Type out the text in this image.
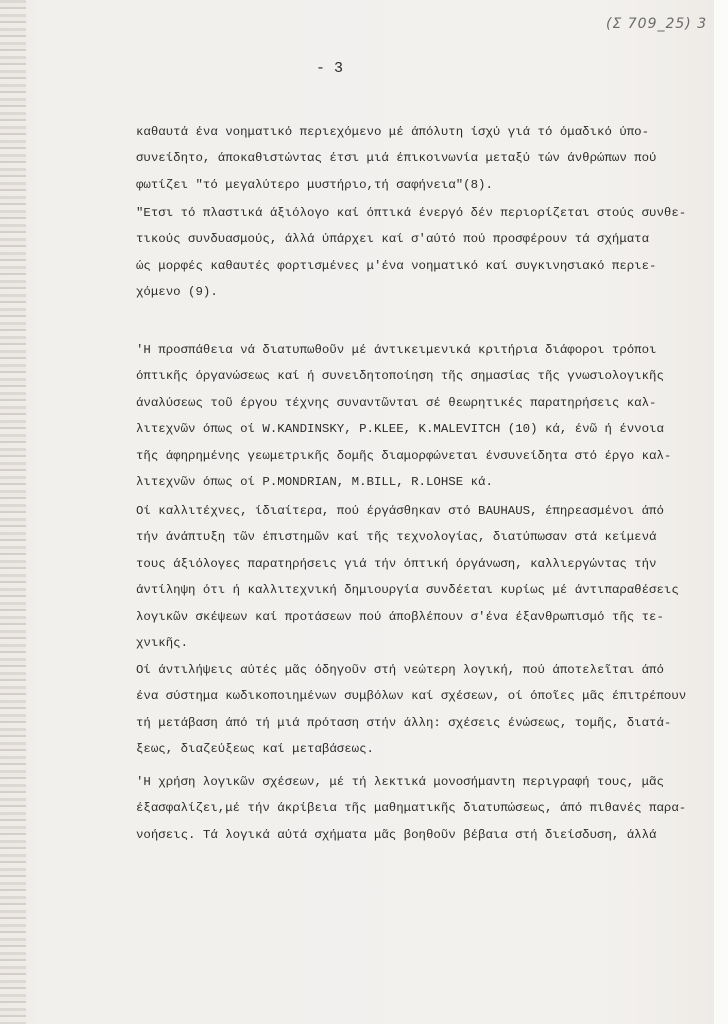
(Σ 709_25) 3
- 3
καθαυτά ένα νοηματικό περιεχόμενο μέ άπόλυτη ίσχύ γιά τό όμαδικό ύπο-
συνείδητο, άποκαθιστώντας έτσι μιά έπικοινωνία μεταξύ τών άνθρώπων πού
φωτίζει "τό μεγαλύτερο μυστήριο,τή σαφήνεια"(8).
"Ετσι τό πλαστικά άξιόλογο καί όπτικά ένεργό δέν περιορίζεται στούς συνθε-
τικούς συνδυασμούς, άλλά ύπάρχει καί σ'αύτό πού προσφέρουν τά σχήματα
ώς μορφές καθαυτές φορτισμένες μ'ένα νοηματικό καί συγκινησιακό περιε-
χόμενο (9).
'Η προσπάθεια νά διατυπωθοῦν μέ άντικειμενικά κριτήρια διάφοροι τρόποι
όπτικῆς όργανώσεως καί ή συνειδητοποίηση τῆς σημασίας τῆς γνωσιολογικῆς
άναλύσεως τοῦ έργου τέχνης συναντῶνται σέ θεωρητικές παρατηρήσεις καλ-
λιτεχνῶν όπως οί W.KANDINSKY, P.KLEE, K.MALEVITCH (10) κά, ένῶ ή έννοια
τῆς άφηρημένης γεωμετρικῆς δομῆς διαμορφώνεται ένσυνείδητα στό έργο καλ-
λιτεχνῶν όπως οί P.MONDRIAN, M.BILL, R.LOHSE κά.
Οί καλλιτέχνες, ίδιαίτερα, πού έργάσθηκαν στό BAUHAUS, έπηρεασμένοι άπό
τήν άνάπτυξη τῶν έπιστημῶν καί τῆς τεχνολογίας, διατύπωσαν στά κείμενά
τους άξιόλογες παρατηρήσεις γιά τήν όπτική όργάνωση, καλλιεργώντας τήν
άντίληψη ότι ή καλλιτεχνική δημιουργία συνδέεται κυρίως μέ άντιπαραθέσεις
λογικῶν σκέψεων καί προτάσεων πού άποβλέπουν σ'ένα έξανθρωπισμό τῆς τε-
χνικῆς.
Οί άντιλήψεις αύτές μᾶς όδηγοῦν στή νεώτερη λογική, πού άποτελεῖται άπό
ένα σύστημα κωδικοποιημένων συμβόλων καί σχέσεων, οί όποῖες μᾶς έπιτρέπουν
τή μετάβαση άπό τή μιά πρόταση στήν άλλη: σχέσεις ένώσεως, τομῆς, διατά-
ξεως, διαζεύξεως καί μεταβάσεως.
'Η χρήση λογικῶν σχέσεων, μέ τή λεκτικά μονοσήμαντη περιγραφή τους, μᾶς
έξασφαλίζει,μέ τήν άκρίβεια τῆς μαθηματικῆς διατυπώσεως, άπό πιθανές παρα-
νοήσεις. Τά λογικά αύτά σχήματα μᾶς βοηθοῦν βέβαια στή διείσδυση, άλλά
